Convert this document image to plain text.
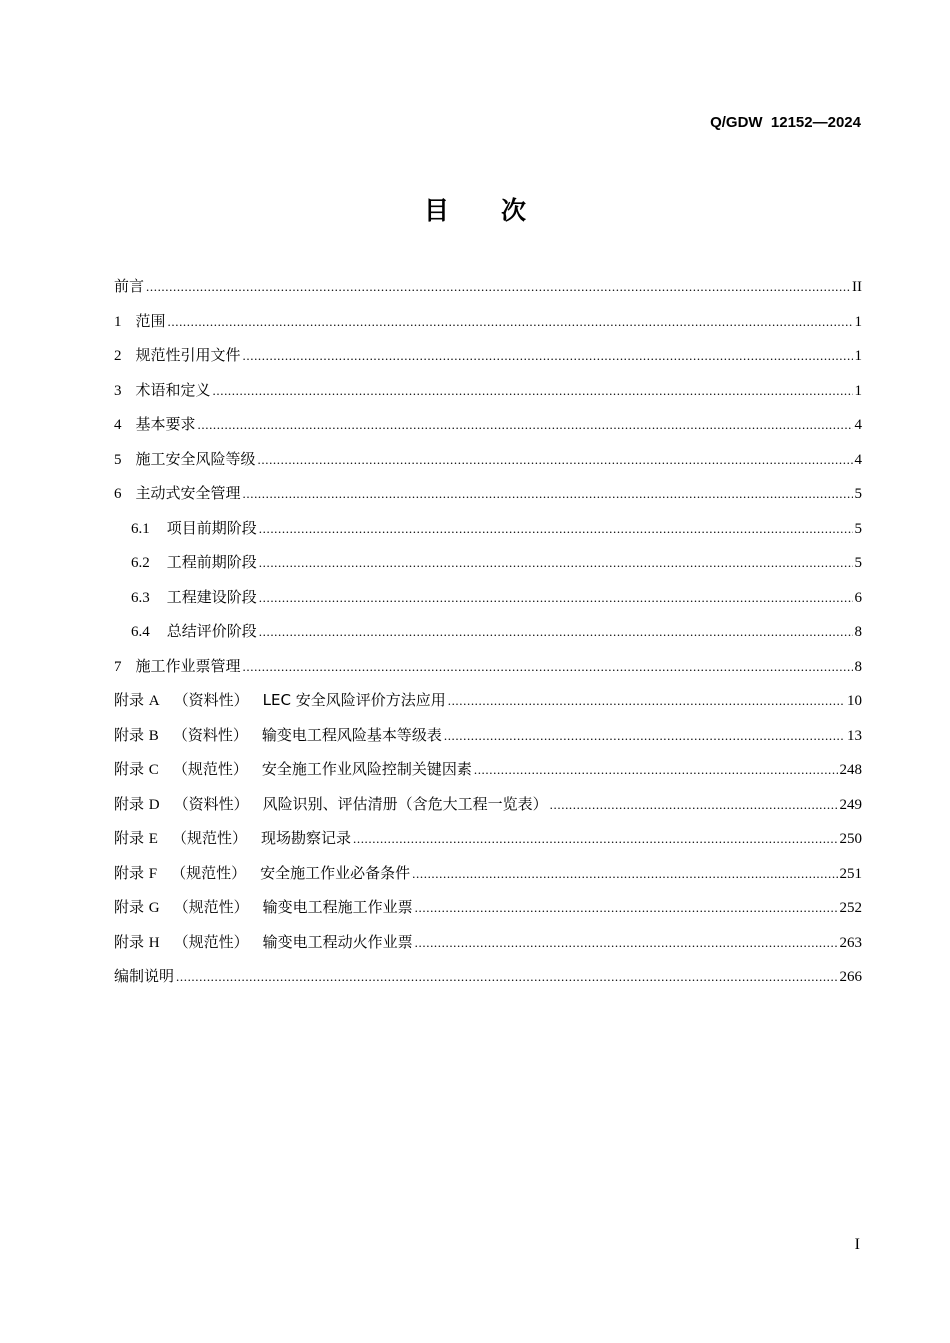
Q/GDW  12152—2024
目 次
前言 .....	II
1 范围 .....	1
2 规范性引用文件 .....	1
3 术语和定义 .....	1
4 基本要求 .....	4
5 施工安全风险等级 .....	4
6 主动式安全管理 .....	5
6.1 项目前期阶段 .....	5
6.2 工程前期阶段 .....	5
6.3 工程建设阶段 .....	6
6.4 总结评价阶段 .....	8
7 施工作业票管理 .....	8
附录 A （资料性） LEC 安全风险评价方法应用 .....	10
附录 B （资料性） 输变电工程风险基本等级表 .....	13
附录 C （规范性） 安全施工作业风险控制关键因素 .....	248
附录 D （资料性） 风险识别、评估清册（含危大工程一览表） .....	249
附录 E （规范性） 现场勘察记录 .....	250
附录 F （规范性） 安全施工作业必备条件 .....	251
附录 G （规范性） 输变电工程施工作业票 .....	252
附录 H （规范性） 输变电工程动火作业票 .....	263
编制说明 .....	266
I
